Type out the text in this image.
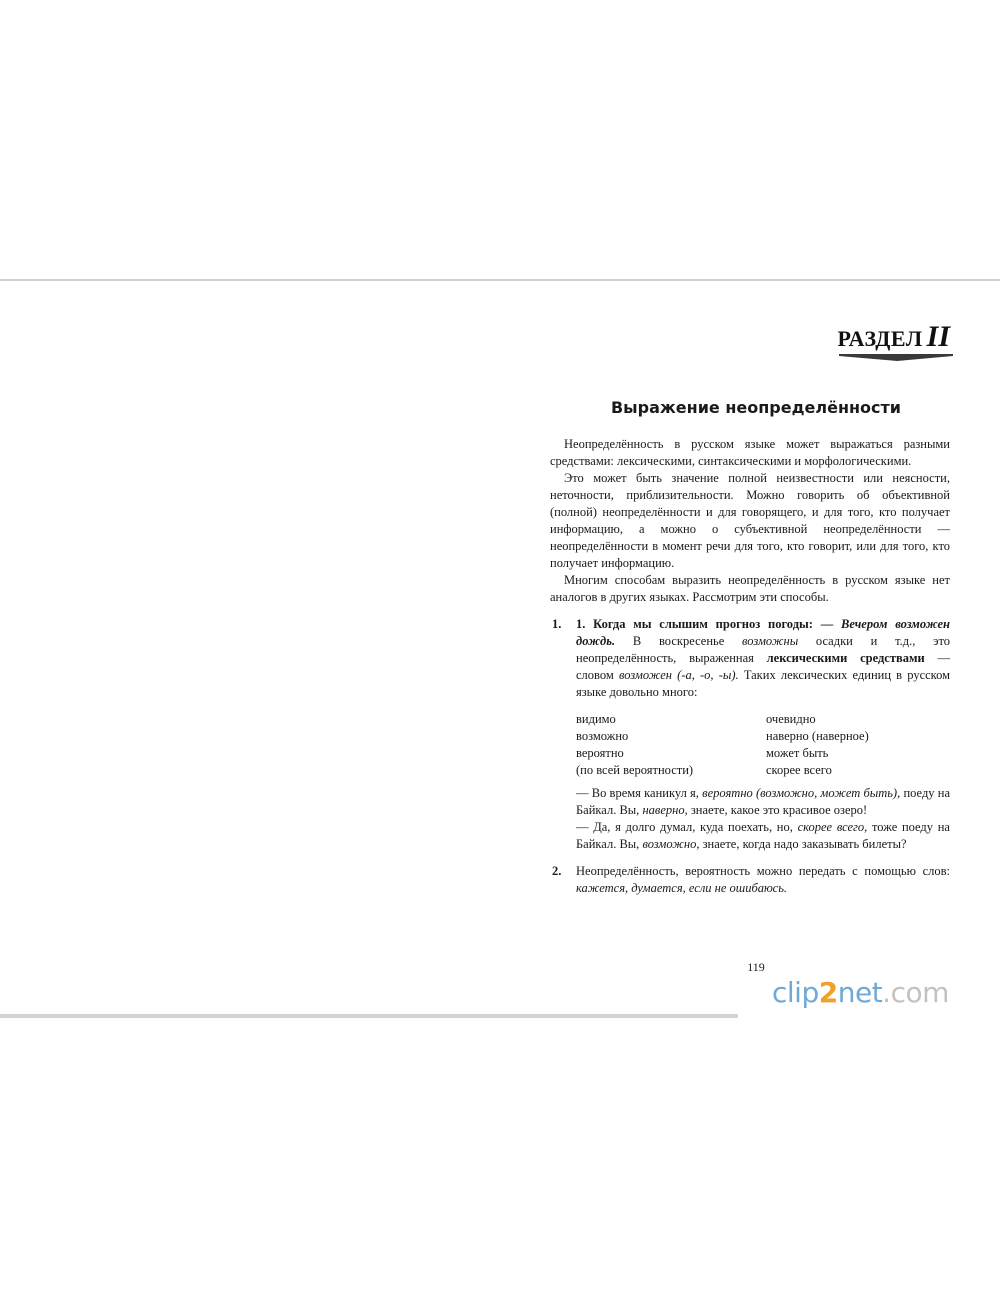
РАЗДЕЛ II
Выражение неопределённости

Неопределённость в русском языке может выражаться разными средствами: лексическими, синтаксическими и морфологическими.

Это может быть значение полной неизвестности или неясности, неточности, приблизительности. Можно говорить об объективной (полной) неопределённости и для говорящего, и для того, кто получает информацию, а можно о субъективной неопределённости — неопределённости в момент речи для того, кто говорит, или для того, кто получает информацию.

Многим способам выразить неопределённость в русском языке нет аналогов в других языках. Рассмотрим эти способы.

1.	1. Когда мы слышим прогноз погоды: — Вечером возможен дождь. В воскресенье возможны осадки и т.д., это неопределённость, выраженная лексическими средствами — словом возможен (-а, -о, -ы). Таких лексических единиц в русском языке довольно много:

видимо	очевидно
возможно	наверно (наверное)
вероятно	может быть
(по всей вероятности)	скорее всего

— Во время каникул я, вероятно (возможно, может быть), поеду на Байкал. Вы, наверно, знаете, какое это красивое озеро!

— Да, я долго думал, куда поехать, но, скорее всего, тоже поеду на Байкал. Вы, возможно, знаете, когда надо заказывать билеты?

2.	Неопределённость, вероятность можно передать с помощью слов: кажется, думается, если не ошибаюсь.

119
clip2net.com
